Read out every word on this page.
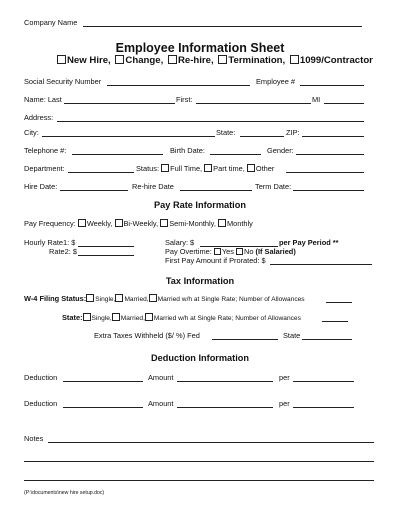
Company Name
Employee Information Sheet
New Hire, Change, Re-hire, Termination, 1099/Contractor
Social Security Number	Employee #
Name: Last	First:	MI
Address:
City:	State:	ZIP:
Telephone #:	Birth Date:	Gender:
Department:	Status: Full Time, Part time, Other
Hire Date:	Re-hire Date	Term Date:
Pay Rate Information
Pay Frequency: Weekly, Bi-Weekly, Semi-Monthly, Monthly
Hourly Rate1: $
Rate2: $
Salary: $	per Pay Period **
Pay Overtime: Yes No (If Salaried)
First Pay Amount if Prorated: $
Tax Information
W-4 Filing Status: Single, Married, Married w/h at Single Rate; Number of Allowances
State: Single, Married, Married w/h at Single Rate; Number of Allowances
Extra Taxes Withheld ($/ %) Fed	State
Deduction Information
Deduction	Amount	per
Deduction	Amount	per
Notes
(P:\documents\new hire setup.doc)
